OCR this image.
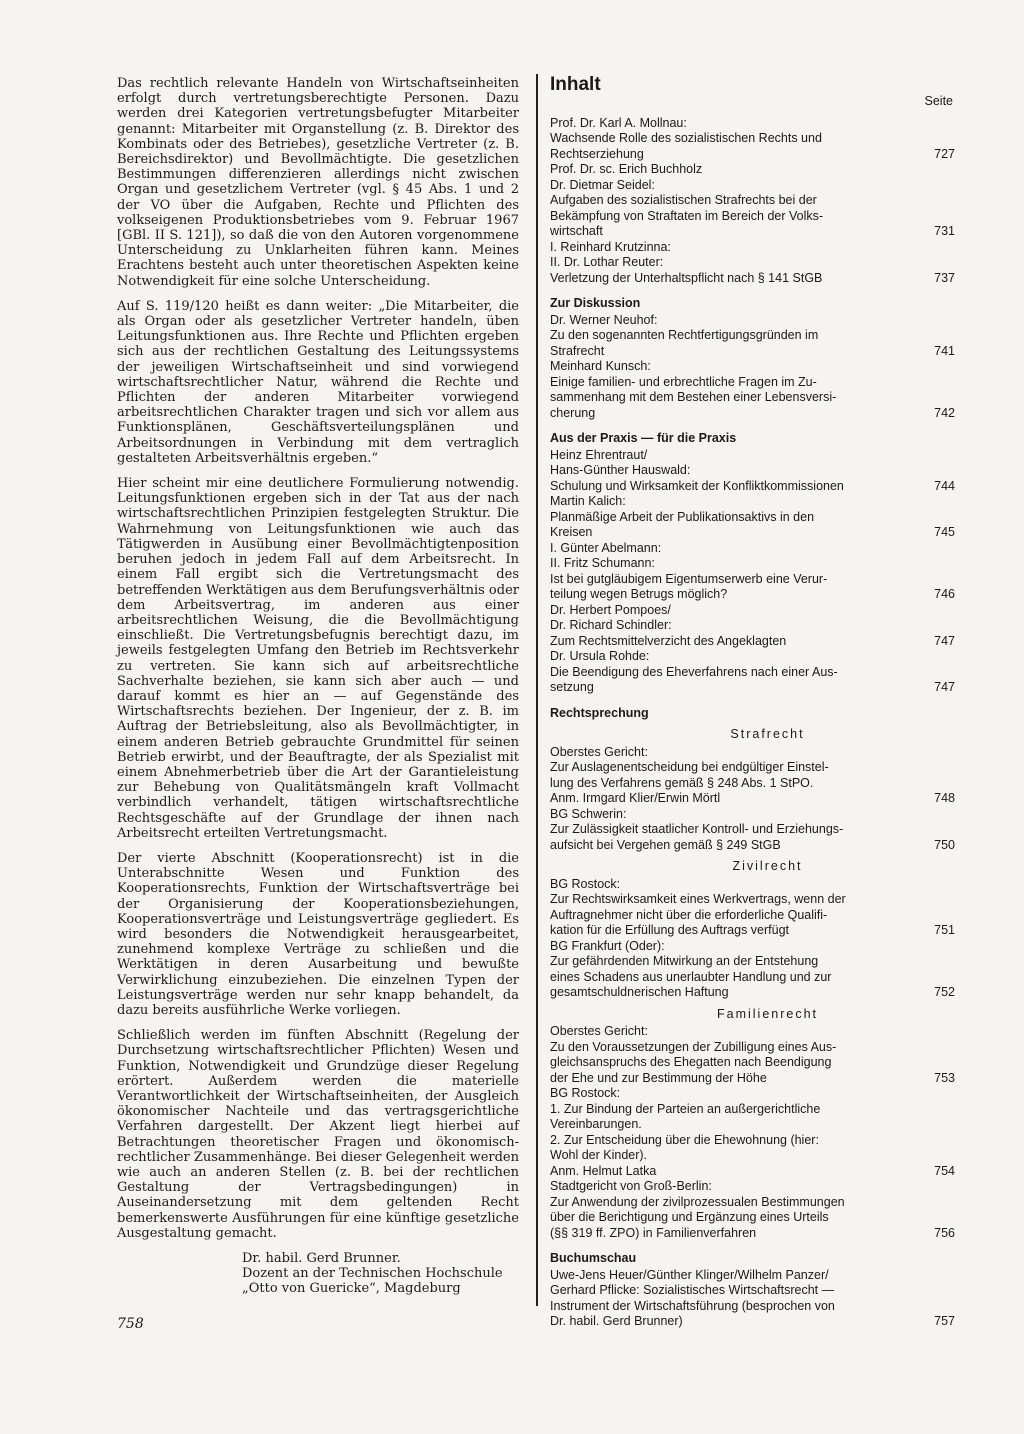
Das rechtlich relevante Handeln von Wirtschaftseinheiten erfolgt durch vertretungsberechtigte Personen. Dazu werden drei Kategorien vertretungsbefugter Mitarbeiter genannt: Mitarbeiter mit Organstellung (z. B. Direktor des Kombinats oder des Betriebes), gesetzliche Vertreter (z. B. Bereichsdirektor) und Bevollmächtigte. Die gesetzlichen Bestimmungen differenzieren allerdings nicht zwischen Organ und gesetzlichem Vertreter (vgl. § 45 Abs. 1 und 2 der VO über die Aufgaben, Rechte und Pflichten des volkseigenen Produktionsbetriebes vom 9. Februar 1967 [GBl. II S. 121]), so daß die von den Autoren vorgenommene Unterscheidung zu Unklarheiten führen kann. Meines Erachtens besteht auch unter theoretischen Aspekten keine Notwendigkeit für eine solche Unterscheidung.

Auf S. 119/120 heißt es dann weiter: „Die Mitarbeiter, die als Organ oder als gesetzlicher Vertreter handeln, üben Leitungsfunktionen aus. Ihre Rechte und Pflichten ergeben sich aus der rechtlichen Gestaltung des Leitungssystems der jeweiligen Wirtschaftseinheit und sind vorwiegend wirtschaftsrechtlicher Natur, während die Rechte und Pflichten der anderen Mitarbeiter vorwiegend arbeitsrechtlichen Charakter tragen und sich vor allem aus Funktionsplänen, Geschäftsverteilungsplänen und Arbeitsordnungen in Verbindung mit dem vertraglich gestalteten Arbeitsverhältnis ergeben.“

Hier scheint mir eine deutlichere Formulierung notwendig. Leitungsfunktionen ergeben sich in der Tat aus der nach wirtschaftsrechtlichen Prinzipien festgelegten Struktur. Die Wahrnehmung von Leitungsfunktionen wie auch das Tätigwerden in Ausübung einer Bevollmächtigtenposition beruhen jedoch in jedem Fall auf dem Arbeitsrecht. In einem Fall ergibt sich die Vertretungsmacht des betreffenden Werktätigen aus dem Berufungsverhältnis oder dem Arbeitsvertrag, im anderen aus einer arbeitsrechtlichen Weisung, die die Bevollmächtigung einschließt. Die Vertretungsbefugnis berechtigt dazu, im jeweils festgelegten Umfang den Betrieb im Rechtsverkehr zu vertreten. Sie kann sich auf arbeitsrechtliche Sachverhalte beziehen, sie kann sich aber auch — und darauf kommt es hier an — auf Gegenstände des Wirtschaftsrechts beziehen. Der Ingenieur, der z. B. im Auftrag der Betriebsleitung, also als Bevollmächtigter, in einem anderen Betrieb gebrauchte Grundmittel für seinen Betrieb erwirbt, und der Beauftragte, der als Spezialist mit einem Abnehmerbetrieb über die Art der Garantieleistung zur Behebung von Qualitätsmängeln kraft Vollmacht verbindlich verhandelt, tätigen wirtschaftsrechtliche Rechtsgeschäfte auf der Grundlage der ihnen nach Arbeitsrecht erteilten Vertretungsmacht.

Der vierte Abschnitt (Kooperationsrecht) ist in die Unterabschnitte Wesen und Funktion des Kooperationsrechts, Funktion der Wirtschaftsverträge bei der Organisierung der Kooperationsbeziehungen, Kooperationsverträge und Leistungsverträge gegliedert. Es wird besonders die Notwendigkeit herausgearbeitet, zunehmend komplexe Verträge zu schließen und die Werktätigen in deren Ausarbeitung und bewußte Verwirklichung einzubeziehen. Die einzelnen Typen der Leistungsverträge werden nur sehr knapp behandelt, da dazu bereits ausführliche Werke vorliegen.

Schließlich werden im fünften Abschnitt (Regelung der Durchsetzung wirtschaftsrechtlicher Pflichten) Wesen und Funktion, Notwendigkeit und Grundzüge dieser Regelung erörtert. Außerdem werden die materielle Verantwortlichkeit der Wirtschaftseinheiten, der Ausgleich ökonomischer Nachteile und das vertragsgerichtliche Verfahren dargestellt. Der Akzent liegt hierbei auf Betrachtungen theoretischer Fragen und ökonomisch-rechtlicher Zusammenhänge. Bei dieser Gelegenheit werden wie auch an anderen Stellen (z. B. bei der rechtlichen Gestaltung der Vertragsbedingungen) in Auseinandersetzung mit dem geltenden Recht bemerkenswerte Ausführungen für eine künftige gesetzliche Ausgestaltung gemacht.

Dr. habil. Gerd Brunner.
Dozent an der Technischen Hochschule
„Otto von Guericke“, Magdeburg
758
Inhalt
Seite
Prof. Dr. Karl A. Mollnau:
Wachsende Rolle des sozialistischen Rechts und
Rechtserziehung	727
Prof. Dr. sc. Erich Buchholz
Dr. Dietmar Seidel:
Aufgaben des sozialistischen Strafrechts bei der
Bekämpfung von Straftaten im Bereich der Volks-
wirtschaft	731
I. Reinhard Krutzinna:
II. Dr. Lothar Reuter:
Verletzung der Unterhaltspflicht nach § 141 StGB	737
Zur Diskussion
Dr. Werner Neuhof:
Zu den sogenannten Rechtfertigungsgründen im
Strafrecht	741
Meinhard Kunsch:
Einige familien- und erbrechtliche Fragen im Zu-
sammenhang mit dem Bestehen einer Lebensversi-
cherung	742
Aus der Praxis — für die Praxis
Heinz Ehrentraut/
Hans-Günther Hauswald:
Schulung und Wirksamkeit der Konfliktkommissionen	744
Martin Kalich:
Planmäßige Arbeit der Publikationsaktivs in den
Kreisen	745
I. Günter Abelmann:
II. Fritz Schumann:
Ist bei gutgläubigem Eigentumserwerb eine Verur-
teilung wegen Betrugs möglich?	746
Dr. Herbert Pompoes/
Dr. Richard Schindler:
Zum Rechtsmittelverzicht des Angeklagten	747
Dr. Ursula Rohde:
Die Beendigung des Eheverfahrens nach einer Aus-
setzung	747
Rechtsprechung
Strafrecht
Oberstes Gericht:
Zur Auslagenentscheidung bei endgültiger Einstel-
lung des Verfahrens gemäß § 248 Abs. 1 StPO.
Anm. Irmgard Klier/Erwin Mörtl	748
BG Schwerin:
Zur Zulässigkeit staatlicher Kontroll- und Erziehungs-
aufsicht bei Vergehen gemäß § 249 StGB	750
Zivilrecht
BG Rostock:
Zur Rechtswirksamkeit eines Werkvertrags, wenn der
Auftragnehmer nicht über die erforderliche Qualifi-
kation für die Erfüllung des Auftrags verfügt	751
BG Frankfurt (Oder):
Zur gefährdenden Mitwirkung an der Entstehung
eines Schadens aus unerlaubter Handlung und zur
gesamtschuldnerischen Haftung	752
Familienrecht
Oberstes Gericht:
Zu den Voraussetzungen der Zubilligung eines Aus-
gleichsanspruchs des Ehegatten nach Beendigung
der Ehe und zur Bestimmung der Höhe	753
BG Rostock:
1. Zur Bindung der Parteien an außergerichtliche
Vereinbarungen.
2. Zur Entscheidung über die Ehewohnung (hier:
Wohl der Kinder).
Anm. Helmut Latka	754
Stadtgericht von Groß-Berlin:
Zur Anwendung der zivilprozessualen Bestimmungen
über die Berichtigung und Ergänzung eines Urteils
(§§ 319 ff. ZPO) in Familienverfahren	756
Buchumschau
Uwe-Jens Heuer/Günther Klinger/Wilhelm Panzer/
Gerhard Pflicke: Sozialistisches Wirtschaftsrecht —
Instrument der Wirtschaftsführung (besprochen von
Dr. habil. Gerd Brunner)	757
